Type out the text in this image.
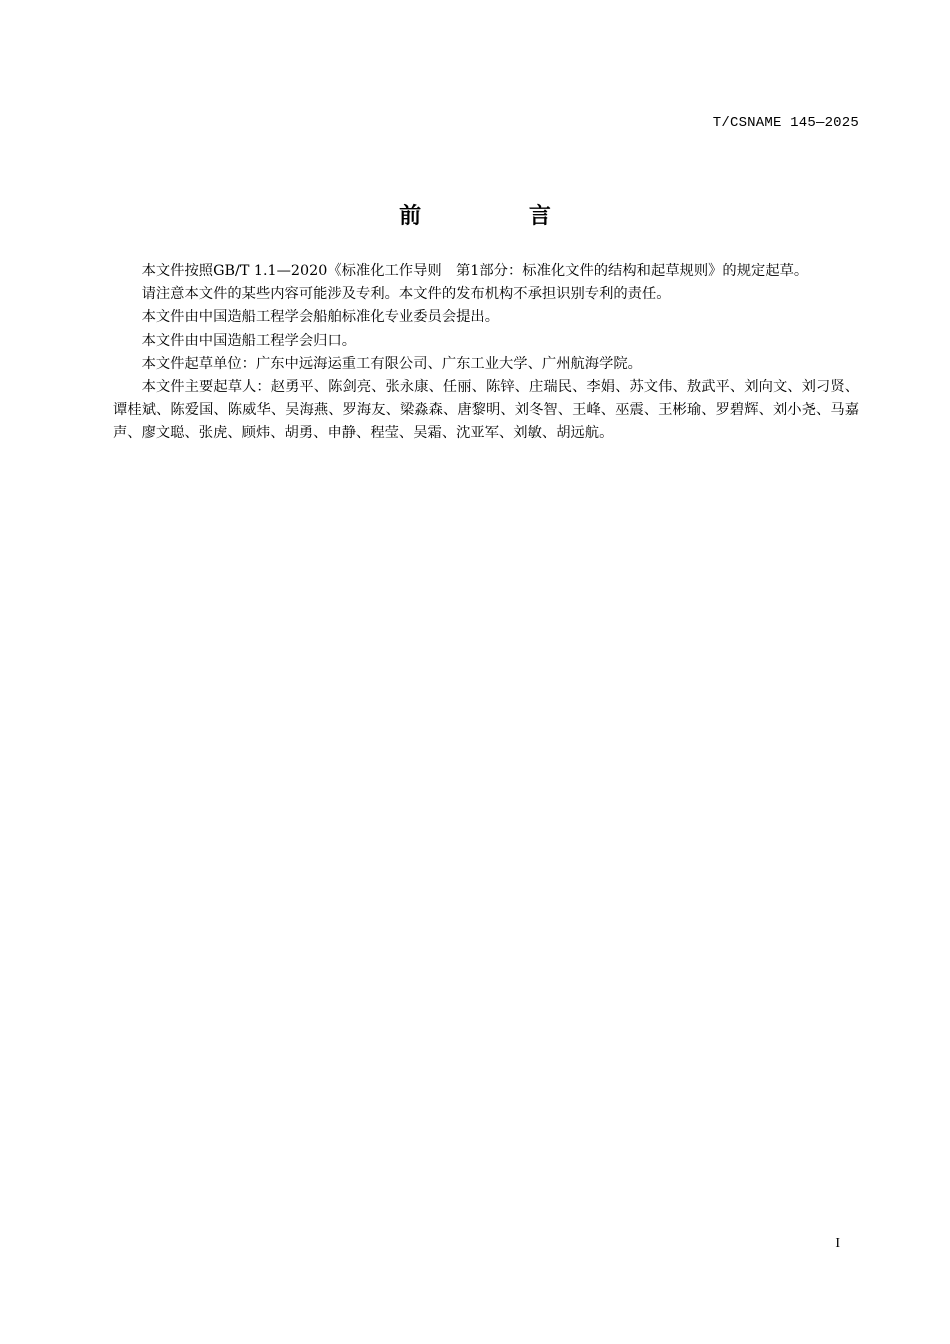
T/CSNAME 145—2025
前 言

本文件按照GB/T 1.1—2020《标准化工作导则　第1部分：标准化文件的结构和起草规则》的规定起草。

请注意本文件的某些内容可能涉及专利。本文件的发布机构不承担识别专利的责任。

本文件由中国造船工程学会船舶标准化专业委员会提出。

本文件由中国造船工程学会归口。

本文件起草单位：广东中远海运重工有限公司、广东工业大学、广州航海学院。

本文件主要起草人：赵勇平、陈剑亮、张永康、任丽、陈锌、庄瑞民、李娟、苏文伟、敖武平、刘向文、刘刁贤、谭桂斌、陈爱国、陈威华、吴海燕、罗海友、梁淼森、唐黎明、刘冬智、王峰、巫震、王彬瑜、罗碧辉、刘小尧、马嘉声、廖文聪、张虎、顾炜、胡勇、申静、程莹、吴霜、沈亚军、刘敏、胡远航。

I
